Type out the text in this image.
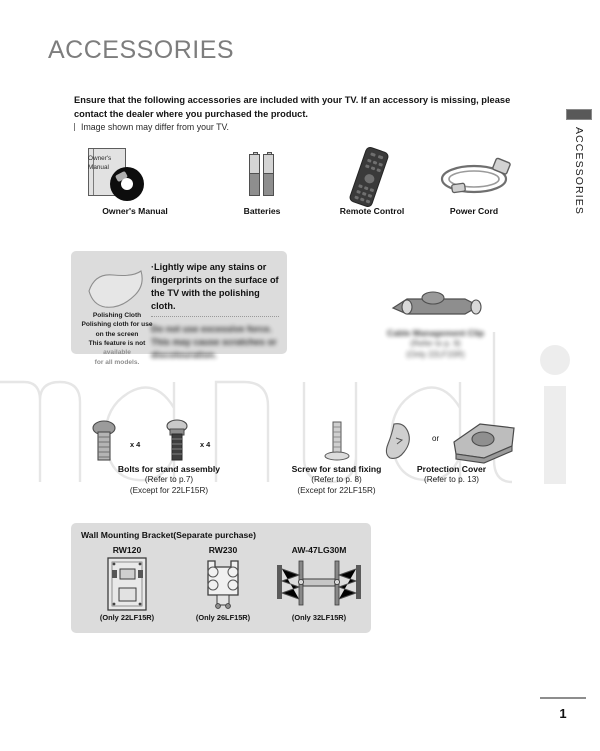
ACCESSORIES
Ensure that the following accessories are included with your TV. If an accessory is missing, please contact the dealer where you purchased the product.
Image shown may differ from your TV.	ACCESSORIES
Owner's
Manual
Owner's Manual	Batteries	Remote Control	Power Cord
Polishing Cloth
Polishing cloth for use
on the screen
This feature is not
available
for all models.
·Lightly wipe any stains or fingerprints on the surface of the TV with the polishing cloth.
Do not use excessive force. This may cause scratches or discolouration.
Cable Management Clip
(Refer to p. 9)
(Only 22LF15R)
x 4	x 4
Bolts for stand assembly
(Refer to p.7)
(Except for 22LF15R)
Screw for stand fixing
(Refer to p. 8)
(Except for 22LF15R)
or
Protection Cover
(Refer to p. 13)
Wall Mounting Bracket(Separate purchase)
RW120
(Only 22LF15R)
RW230
(Only 26LF15R)
AW-47LG30M
(Only 32LF15R)
1
